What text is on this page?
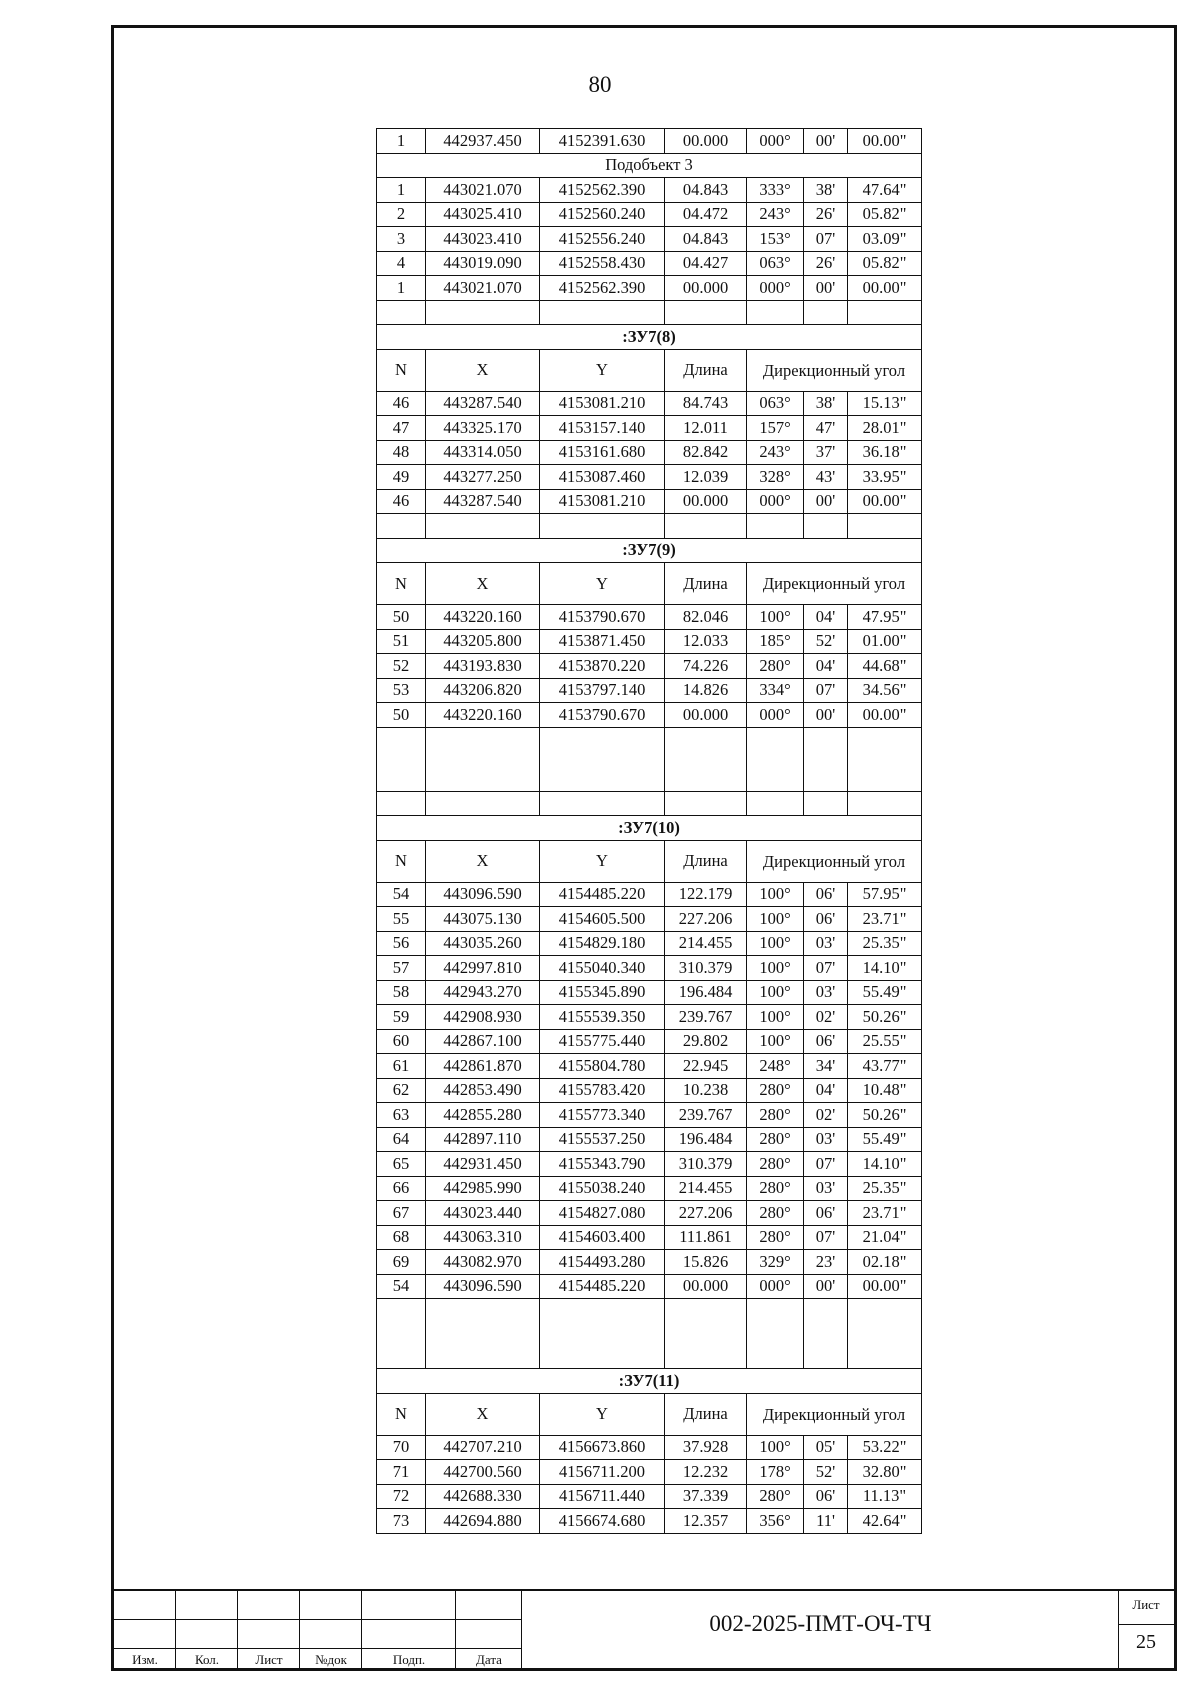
80
1	442937.450	4152391.630	00.000	000°	00'	00.00"
Подобъект 3						
1	443021.070	4152562.390	04.843	333°	38'	47.64"
2	443025.410	4152560.240	04.472	243°	26'	05.82"
3	443023.410	4152556.240	04.843	153°	07'	03.09"
4	443019.090	4152558.430	04.427	063°	26'	05.82"
1	443021.070	4152562.390	00.000	000°	00'	00.00"

:ЗУ7(8)						
N	X	Y	Длина	Дирекционный угол		
46	443287.540	4153081.210	84.743	063°	38'	15.13"
47	443325.170	4153157.140	12.011	157°	47'	28.01"
48	443314.050	4153161.680	82.842	243°	37'	36.18"
49	443277.250	4153087.460	12.039	328°	43'	33.95"
46	443287.540	4153081.210	00.000	000°	00'	00.00"

:ЗУ7(9)						
N	X	Y	Длина	Дирекционный угол		
50	443220.160	4153790.670	82.046	100°	04'	47.95"
51	443205.800	4153871.450	12.033	185°	52'	01.00"
52	443193.830	4153870.220	74.226	280°	04'	44.68"
53	443206.820	4153797.140	14.826	334°	07'	34.56"
50	443220.160	4153790.670	00.000	000°	00'	00.00"

:ЗУ7(10)						
N	X	Y	Длина	Дирекционный угол		
54	443096.590	4154485.220	122.179	100°	06'	57.95"
55	443075.130	4154605.500	227.206	100°	06'	23.71"
56	443035.260	4154829.180	214.455	100°	03'	25.35"
57	442997.810	4155040.340	310.379	100°	07'	14.10"
58	442943.270	4155345.890	196.484	100°	03'	55.49"
59	442908.930	4155539.350	239.767	100°	02'	50.26"
60	442867.100	4155775.440	29.802	100°	06'	25.55"
61	442861.870	4155804.780	22.945	248°	34'	43.77"
62	442853.490	4155783.420	10.238	280°	04'	10.48"
63	442855.280	4155773.340	239.767	280°	02'	50.26"
64	442897.110	4155537.250	196.484	280°	03'	55.49"
65	442931.450	4155343.790	310.379	280°	07'	14.10"
66	442985.990	4155038.240	214.455	280°	03'	25.35"
67	443023.440	4154827.080	227.206	280°	06'	23.71"
68	443063.310	4154603.400	111.861	280°	07'	21.04"
69	443082.970	4154493.280	15.826	329°	23'	02.18"
54	443096.590	4154485.220	00.000	000°	00'	00.00"

:ЗУ7(11)						
N	X	Y	Длина	Дирекционный угол		
70	442707.210	4156673.860	37.928	100°	05'	53.22"
71	442700.560	4156711.200	12.232	178°	52'	32.80"
72	442688.330	4156711.440	37.339	280°	06'	11.13"
73	442694.880	4156674.680	12.357	356°	11'	42.64"
Изм.	Кол.	Лист	№док	Подп.	Дата
002-2025-ПМТ-ОЧ-ТЧ
Лист
25
